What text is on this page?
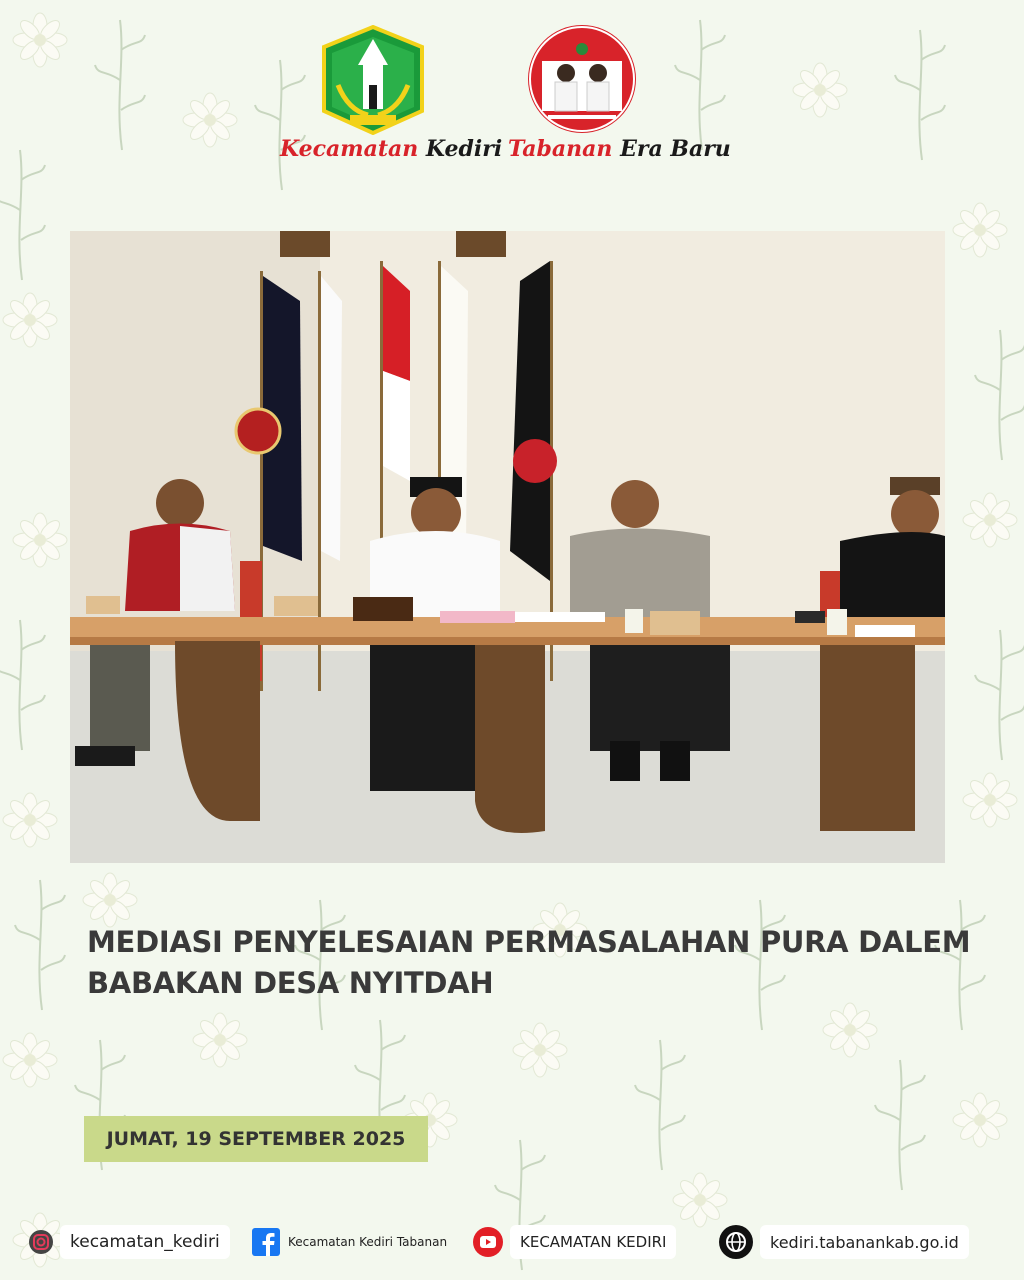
Kecamatan Kediri Tabanan Era Baru
MEDIASI PENYELESAIAN PERMASALAHAN PURA DALEM
BABAKAN DESA NYITDAH
JUMAT, 19 SEPTEMBER 2025
kecamatan_kediri	Kecamatan Kediri Tabanan	KECAMATAN KEDIRI	kediri.tabanankab.go.id
